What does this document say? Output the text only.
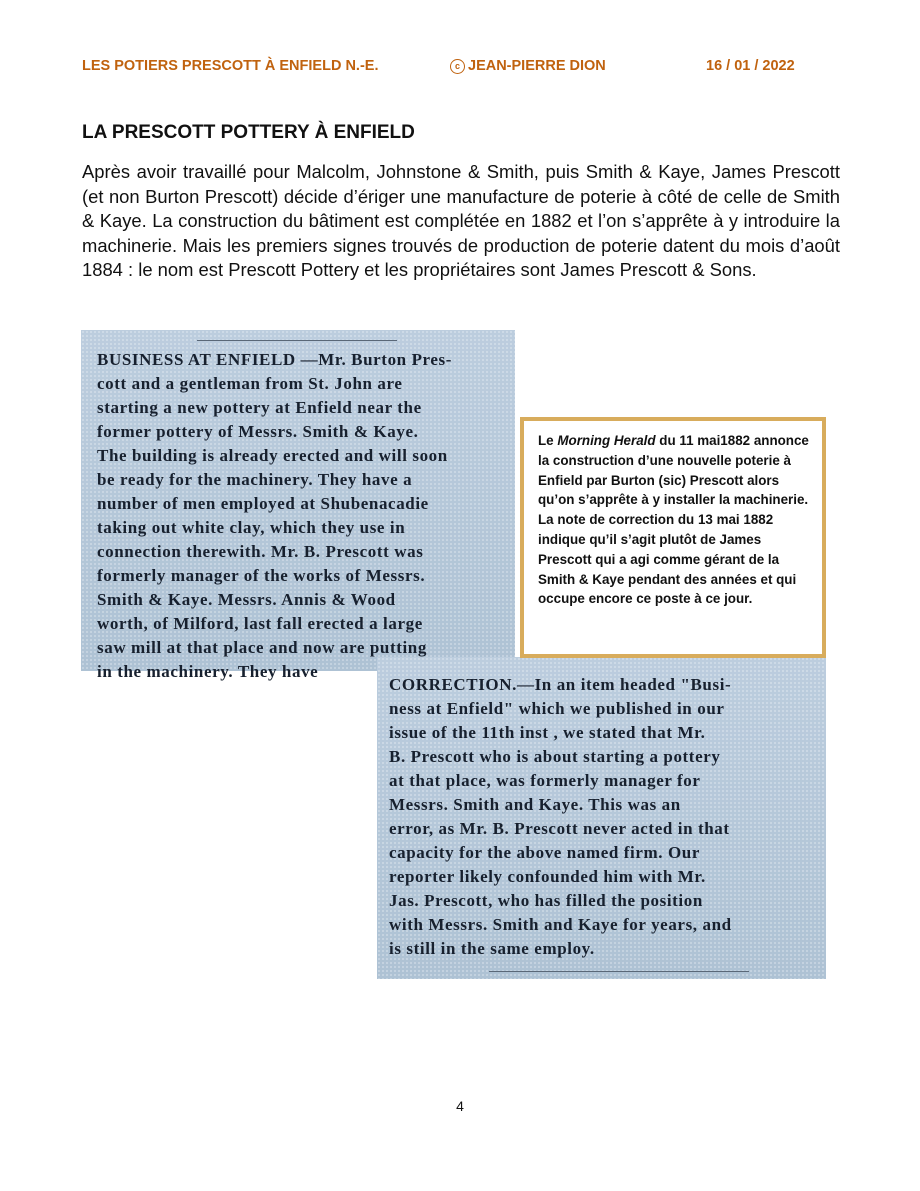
LES POTIERS PRESCOTT À ENFIELD N.-E.	c JEAN-PIERRE DION	16 / 01 / 2022
LA PRESCOTT POTTERY À ENFIELD

Après avoir travaillé pour Malcolm, Johnstone & Smith, puis Smith & Kaye, James Prescott (et non Burton Prescott) décide d’ériger une manufacture de poterie à côté de celle de Smith & Kaye. La construction du bâtiment est complétée en 1882 et l’on s’apprête à y introduire la machinerie. Mais les premiers signes trouvés de production de poterie datent du mois d’août 1884 : le nom est Prescott Pottery et les propriétaires sont James Prescott & Sons.

BUSINESS AT ENFIELD —Mr. Burton Pres-
cott and a gentleman from St. John are
starting a new pottery at Enfield near the
former pottery of Messrs. Smith & Kaye.
The building is already erected and will soon
be ready for the machinery. They have a
number of men employed at Shubenacadie
taking out white clay, which they use in
connection therewith. Mr. B. Prescott was
formerly manager of the works of Messrs.
Smith & Kaye. Messrs. Annis & Wood
worth, of Milford, last fall erected a large
saw mill at that place and now are putting
in the machinery. They have
CORRECTION.—In an item headed "Busi-
ness at Enfield" which we published in our
issue of the 11th inst , we stated that Mr.
B. Prescott who is about starting a pottery
at that place, was formerly manager for
Messrs. Smith and Kaye. This was an
error, as Mr. B. Prescott never acted in that
capacity for the above named firm. Our
reporter likely confounded him with Mr.
Jas. Prescott, who has filled the position
with Messrs. Smith and Kaye for years, and
is still in the same employ.
Le Morning Herald du 11 mai1882 annonce la construction d’une nouvelle poterie à Enfield par Burton (sic) Prescott alors qu’on s’apprête à y installer la machinerie. La note de correction du 13 mai 1882 indique qu’il s’agit plutôt de James Prescott qui a agi comme gérant de la Smith & Kaye pendant des années et qui occupe encore ce poste à ce jour.
4
